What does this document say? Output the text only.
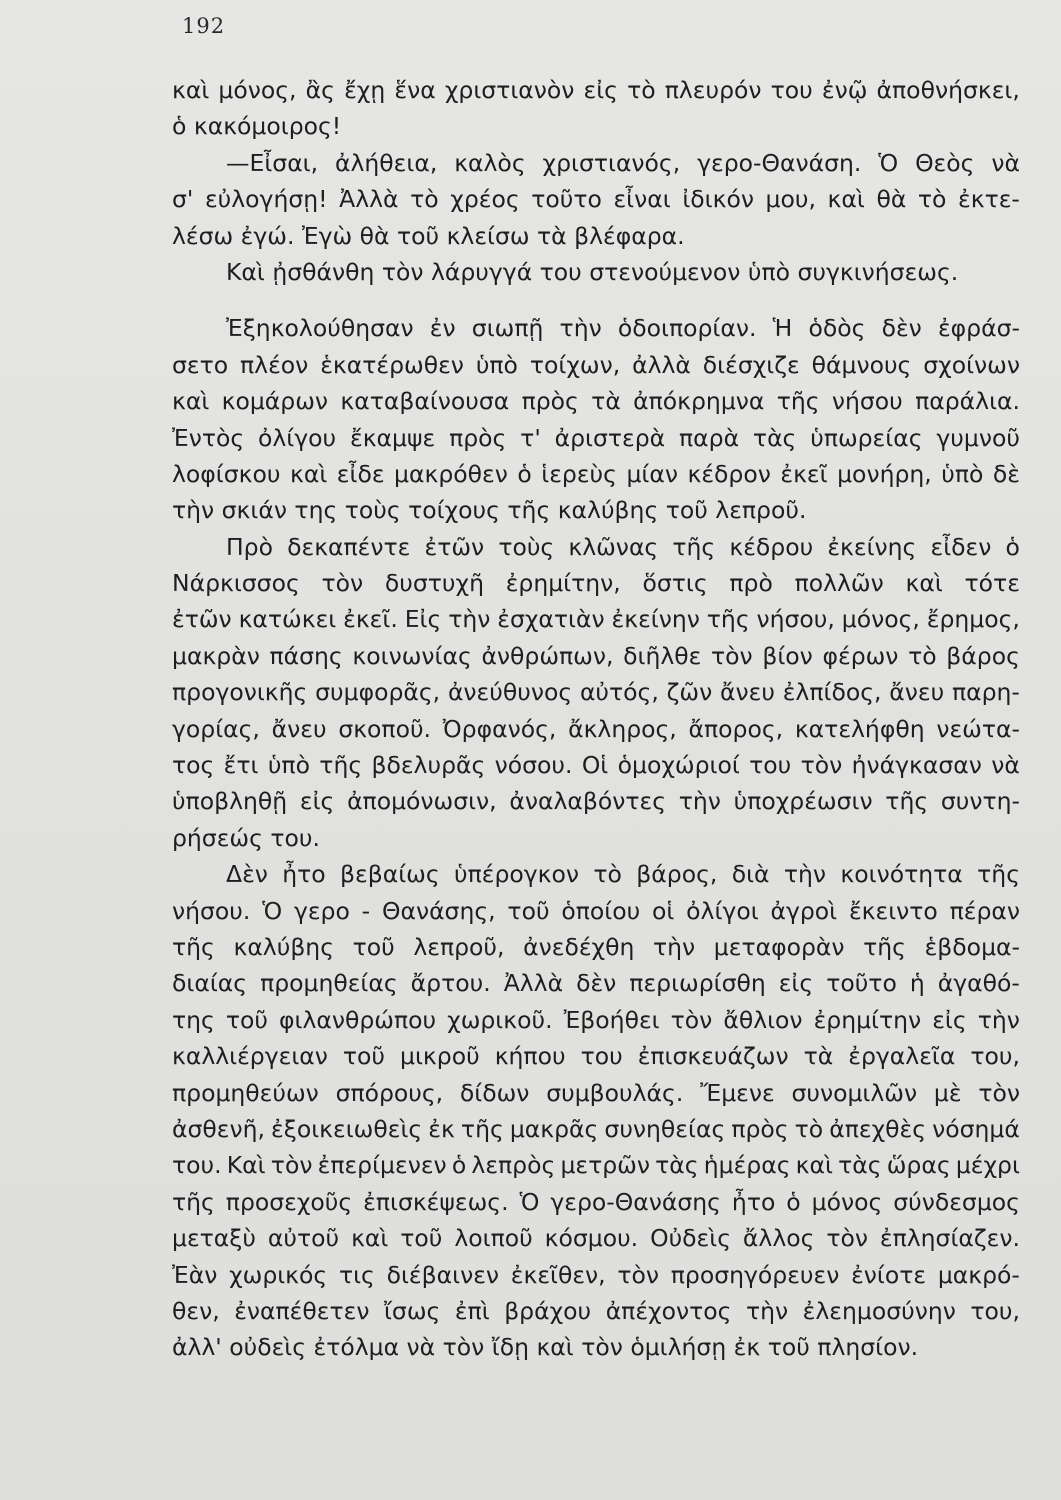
192
καὶ μόνος, ἂς ἔχῃ ἕνα χριστιανὸν εἰς τὸ πλευρόν του ἐνῷ ἀποθνήσκει,
ὁ κακόμοιρος!
—Εἶσαι, ἀλήθεια, καλὸς χριστιανός, γερο-Θανάση. Ὁ Θεὸς νὰ
σ' εὐλογήσῃ! Ἀλλὰ τὸ χρέος τοῦτο εἶναι ἰδικόν μου, καὶ θὰ τὸ ἐκτε-
λέσω ἐγώ. Ἐγὼ θὰ τοῦ κλείσω τὰ βλέφαρα.
Καὶ ᾐσθάνθη τὸν λάρυγγά του στενούμενον ὑπὸ συγκινήσεως.
Ἐξηκολούθησαν ἐν σιωπῇ τὴν ὁδοιπορίαν. Ἡ ὁδὸς δὲν ἐφράσ-
σετο πλέον ἑκατέρωθεν ὑπὸ τοίχων, ἀλλὰ διέσχιζε θάμνους σχοίνων
καὶ κομάρων καταβαίνουσα πρὸς τὰ ἀπόκρημνα τῆς νήσου παράλια.
Ἐντὸς ὀλίγου ἔκαμψε πρὸς τ' ἀριστερὰ παρὰ τὰς ὑπωρείας γυμνοῦ
λοφίσκου καὶ εἶδε μακρόθεν ὁ ἱερεὺς μίαν κέδρον ἐκεῖ μονήρη, ὑπὸ δὲ
τὴν σκιάν της τοὺς τοίχους τῆς καλύβης τοῦ λεπροῦ.
Πρὸ δεκαπέντε ἐτῶν τοὺς κλῶνας τῆς κέδρου ἐκείνης εἶδεν ὁ
Νάρκισσος τὸν δυστυχῆ ἐρημίτην, ὅστις πρὸ πολλῶν καὶ τότε
ἐτῶν κατώκει ἐκεῖ. Εἰς τὴν ἐσχατιὰν ἐκείνην τῆς νήσου, μόνος, ἔρημος,
μακρὰν πάσης κοινωνίας ἀνθρώπων, διῆλθε τὸν βίον φέρων τὸ βάρος
προγονικῆς συμφορᾶς, ἀνεύθυνος αὐτός, ζῶν ἄνευ ἐλπίδος, ἄνευ παρη-
γορίας, ἄνευ σκοποῦ. Ὀρφανός, ἄκληρος, ἄπορος, κατελήφθη νεώτα-
τος ἔτι ὑπὸ τῆς βδελυρᾶς νόσου. Οἱ ὁμοχώριοί του τὸν ἠνάγκασαν νὰ
ὑποβληθῇ εἰς ἀπομόνωσιν, ἀναλαβόντες τὴν ὑποχρέωσιν τῆς συντη-
ρήσεώς του.
Δὲν ἦτο βεβαίως ὑπέρογκον τὸ βάρος, διὰ τὴν κοινότητα τῆς
νήσου. Ὁ γερο - Θανάσης, τοῦ ὁποίου οἱ ὀλίγοι ἀγροὶ ἔκειντο πέραν
τῆς καλύβης τοῦ λεπροῦ, ἀνεδέχθη τὴν μεταφορὰν τῆς ἑβδομα-
διαίας προμηθείας ἄρτου. Ἀλλὰ δὲν περιωρίσθη εἰς τοῦτο ἡ ἀγαθό-
της τοῦ φιλανθρώπου χωρικοῦ. Ἐβοήθει τὸν ἄθλιον ἐρημίτην εἰς τὴν
καλλιέργειαν τοῦ μικροῦ κήπου του ἐπισκευάζων τὰ ἐργαλεῖα του,
προμηθεύων σπόρους, δίδων συμβουλάς. Ἔμενε συνομιλῶν μὲ τὸν
ἀσθενῆ, ἐξοικειωθεὶς ἐκ τῆς μακρᾶς συνηθείας πρὸς τὸ ἀπεχθὲς νόσημά
του. Καὶ τὸν ἐπερίμενεν ὁ λεπρὸς μετρῶν τὰς ἡμέρας καὶ τὰς ὥρας μέχρι
τῆς προσεχοῦς ἐπισκέψεως. Ὁ γερο-Θανάσης ἦτο ὁ μόνος σύνδεσμος
μεταξὺ αὐτοῦ καὶ τοῦ λοιποῦ κόσμου. Οὐδεὶς ἄλλος τὸν ἐπλησίαζεν.
Ἐὰν χωρικός τις διέβαινεν ἐκεῖθεν, τὸν προσηγόρευεν ἐνίοτε μακρό-
θεν, ἐναπέθετεν ἴσως ἐπὶ βράχου ἀπέχοντος τὴν ἐλεημοσύνην του,
ἀλλ' οὐδεὶς ἐτόλμα νὰ τὸν ἴδῃ καὶ τὸν ὁμιλήσῃ ἐκ τοῦ πλησίον.
